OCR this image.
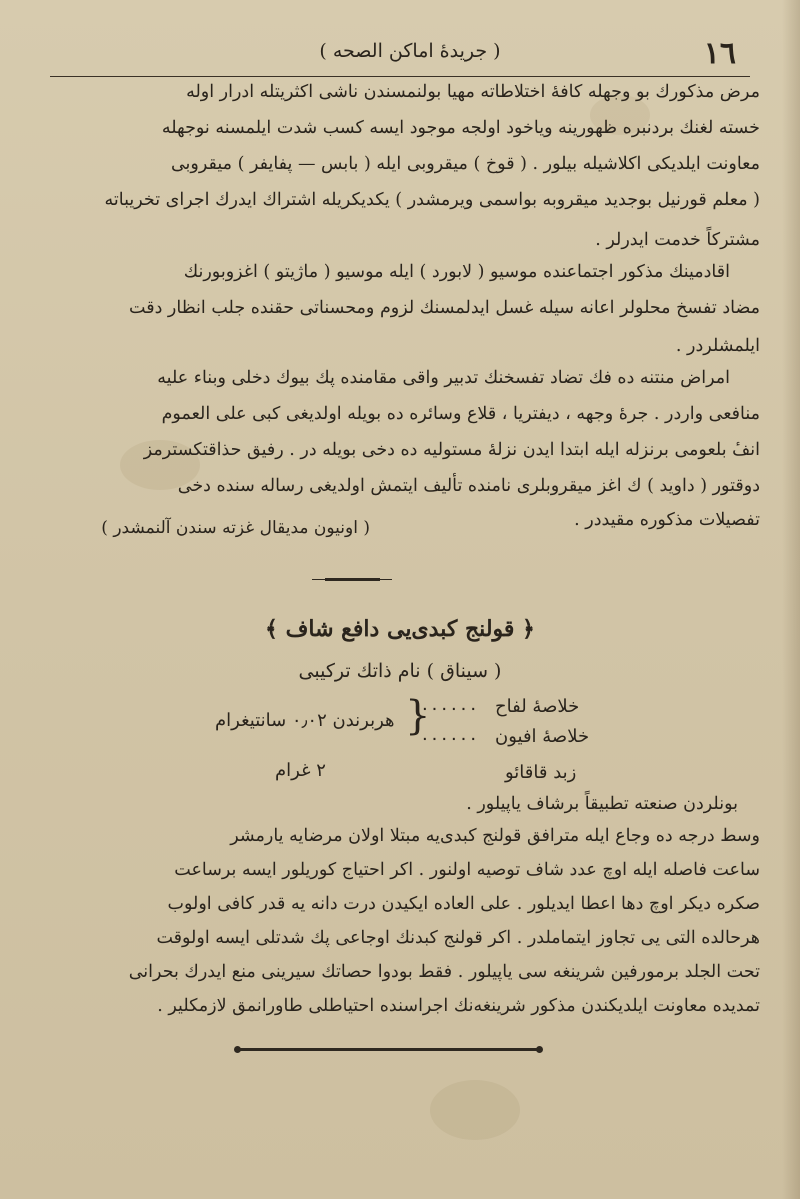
( جريدهٔ اماكن الصحه )	١٦
مرض مذكورك بو وجهله كافهٔ اختلاطاته مهيا بولنمسندن ناشی اكثريتله ادرار اوله
خسته لغنك بردنبره ظهورينه وياخود اولجه موجود ايسه كسب شدت ايلمسنه نوجهله
معاونت ايلديكى اكلاشيله بيلور . ( قوخ ) ميقروبى ايله ( بابس — پفايفر ) ميقروبى
( معلم قورنيل بوجديد ميقروبه بواسمى ويرمشدر ) يكديكريله اشتراك ايدرك اجراى تخريباته
مشتركاً خدمت ايدرلر .
اقادمينك مذكور اجتماعنده موسيو ( لابورد ) ايله موسيو ( ماژيتو ) اغزوبورنك
مضاد تفسخ محلولر اعانه سيله غسل ايدلمسنك لزوم ومحسناتى حقنده جلب انظار دقت
ايلمشلردر .
امراض منتنه ده فك تضاد تفسخنك تدبير واقى مقامنده پك بيوك دخلى وبناء عليه
منافعى واردر . جرهٔ وجهه ، ديفتريا ، قلاع وسائره ده بويله اولديغى كبى على العموم
انفٔ بلعومى برنزله ايله ابتدا ايدن نزلهٔ مستوليه ده دخى بويله در . رفيق حذاقتكسترمز
دوقتور ( داويد ) ك اغز ميقروبلرى نامنده تأليف ايتمش اولديغى رساله سنده دخى
تفصيلات مذكوره مقيددر .
( اونيون مديقال غزته سندن آلنمشدر )
﴿ قولنج كبدى‌یی دافع شاف ﴾
( سيناق ) نام ذاتك تركيبى
خلاصهٔ لفاح
٠٠٠٠٠٠
خلاصهٔ افيون
٠٠٠٠٠٠
}
هربرندن ٠٫٠٢ سانتيغرام
زبد قاقائو
٢ غرام
بونلردن صنعته تطبيقاً برشاف ياپيلور .
وسط درجه ده وجاع ايله مترافق قولنج كبدى‌يه مبتلا اولان مرضايه يارمشر
ساعت فاصله ايله اوچ عدد شاف توصيه اولنور . اكر احتياج كوريلور ايسه برساعت
صكره ديكر اوچ دها اعطا ايديلور . على العاده ايكيدن درت دانه يه قدر كافى اولوب
هرحالده التى يى تجاوز ايتماملدر . اكر قولنج كبدنك اوجاعى پك شدتلى ايسه اولوقت
تحت الجلد برمورفين شرينغه سى ياپيلور . فقط بودوا حصاتك سيرينى منع ايدرك بحرانى
تمديده معاونت ايلديكندن مذكور شرينغه‌نك اجراسنده احتياطلى طاورانمق لازمكلير .
